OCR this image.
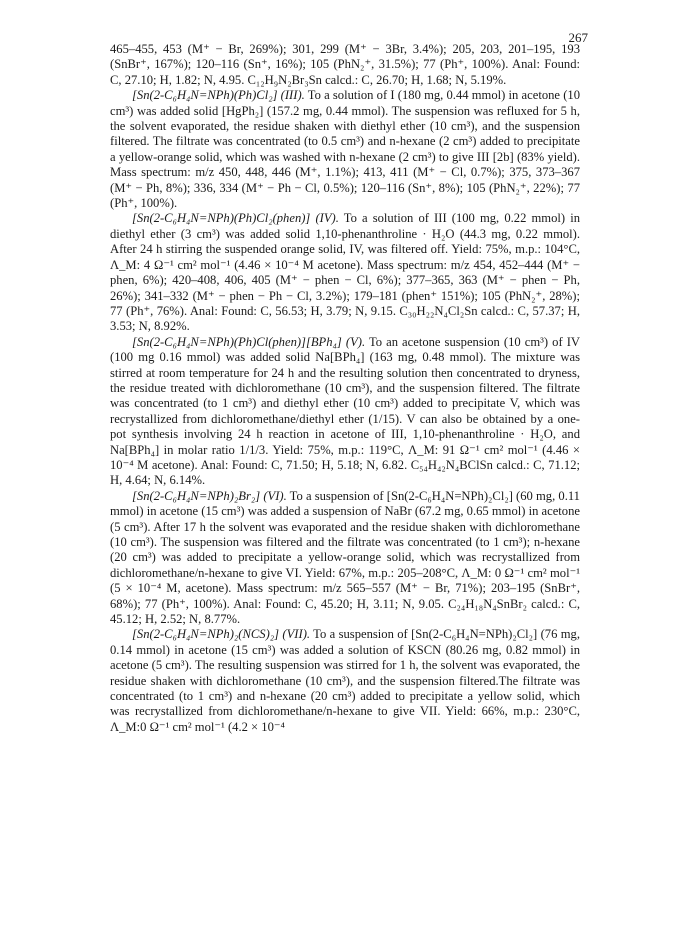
267

465–455, 453 (M⁺ − Br, 269%); 301, 299 (M⁺ − 3Br, 3.4%); 205, 203, 201–195, 193 (SnBr⁺, 167%); 120–116 (Sn⁺, 16%); 105 (PhN₂⁺, 31.5%); 77 (Ph⁺, 100%). Anal: Found: C, 27.10; H, 1.82; N, 4.95. C₁₂H₉N₂Br₃Sn calcd.: C, 26.70; H, 1.68; N, 5.19%.

[Sn(2-C₆H₄N=NPh)(Ph)Cl₂] (III). To a solution of I (180 mg, 0.44 mmol) in acetone (10 cm³) was added solid [HgPh₂] (157.2 mg, 0.44 mmol). The suspension was refluxed for 5 h, the solvent evaporated, the residue shaken with diethyl ether (10 cm³), and the suspension filtered. The filtrate was concentrated (to 0.5 cm³) and n-hexane (2 cm³) added to precipitate a yellow-orange solid, which was washed with n-hexane (2 cm³) to give III [2b] (83% yield). Mass spectrum: m/z 450, 448, 446 (M⁺, 1.1%); 413, 411 (M⁺ − Cl, 0.7%); 375, 373–367 (M⁺ − Ph, 8%); 336, 334 (M⁺ − Ph − Cl, 0.5%); 120–116 (Sn⁺, 8%); 105 (PhN₂⁺, 22%); 77 (Ph⁺, 100%).

[Sn(2-C₆H₄N=NPh)(Ph)Cl₂(phen)] (IV). To a solution of III (100 mg, 0.22 mmol) in diethyl ether (3 cm³) was added solid 1,10-phenanthroline · H₂O (44.3 mg, 0.22 mmol). After 24 h stirring the suspended orange solid, IV, was filtered off. Yield: 75%, m.p.: 104°C, Λ_M: 4 Ω⁻¹ cm² mol⁻¹ (4.46 × 10⁻⁴ M acetone). Mass spectrum: m/z 454, 452–444 (M⁺ − phen, 6%); 420–408, 406, 405 (M⁺ − phen − Cl, 6%); 377–365, 363 (M⁺ − phen − Ph, 26%); 341–332 (M⁺ − phen − Ph − Cl, 3.2%); 179–181 (phen⁺ 151%); 105 (PhN₂⁺, 28%); 77 (Ph⁺, 76%). Anal: Found: C, 56.53; H, 3.79; N, 9.15. C₃₀H₂₂N₄Cl₂Sn calcd.: C, 57.37; H, 3.53; N, 8.92%.

[Sn(2-C₆H₄N=NPh)(Ph)Cl(phen)][BPh₄] (V). To an acetone suspension (10 cm³) of IV (100 mg 0.16 mmol) was added solid Na[BPh₄] (163 mg, 0.48 mmol). The mixture was stirred at room temperature for 24 h and the resulting solution then concentrated to dryness, the residue treated with dichloromethane (10 cm³), and the suspension filtered. The filtrate was concentrated (to 1 cm³) and diethyl ether (10 cm³) added to precipitate V, which was recrystallized from dichloromethane/diethyl ether (1/15). V can also be obtained by a one-pot synthesis involving 24 h reaction in acetone of III, 1,10-phenanthroline · H₂O, and Na[BPh₄] in molar ratio 1/1/3. Yield: 75%, m.p.: 119°C, Λ_M: 91 Ω⁻¹ cm² mol⁻¹ (4.46 × 10⁻⁴ M acetone). Anal: Found: C, 71.50; H, 5.18; N, 6.82. C₅₄H₄₂N₄BClSn calcd.: C, 71.12; H, 4.64; N, 6.14%.

[Sn(2-C₆H₄N=NPh)₂Br₂] (VI). To a suspension of [Sn(2-C₆H₄N=NPh)₂Cl₂] (60 mg, 0.11 mmol) in acetone (15 cm³) was added a suspension of NaBr (67.2 mg, 0.65 mmol) in acetone (5 cm³). After 17 h the solvent was evaporated and the residue shaken with dichloromethane (10 cm³). The suspension was filtered and the filtrate was concentrated (to 1 cm³); n-hexane (20 cm³) was added to precipitate a yellow-orange solid, which was recrystallized from dichloromethane/n-hexane to give VI. Yield: 67%, m.p.: 205–208°C, Λ_M: 0 Ω⁻¹ cm² mol⁻¹ (5 × 10⁻⁴ M, acetone). Mass spectrum: m/z 565–557 (M⁺ − Br, 71%); 203–195 (SnBr⁺, 68%); 77 (Ph⁺, 100%). Anal: Found: C, 45.20; H, 3.11; N, 9.05. C₂₄H₁₈N₄SnBr₂ calcd.: C, 45.12; H, 2.52; N, 8.77%.

[Sn(2-C₆H₄N=NPh)₂(NCS)₂] (VII). To a suspension of [Sn(2-C₆H₄N=NPh)₂Cl₂] (76 mg, 0.14 mmol) in acetone (15 cm³) was added a solution of KSCN (80.26 mg, 0.82 mmol) in acetone (5 cm³). The resulting suspension was stirred for 1 h, the solvent was evaporated, the residue shaken with dichloromethane (10 cm³), and the suspension filtered.The filtrate was concentrated (to 1 cm³) and n-hexane (20 cm³) added to precipitate a yellow solid, which was recrystallized from dichloromethane/n-hexane to give VII. Yield: 66%, m.p.: 230°C, Λ_M:0 Ω⁻¹ cm² mol⁻¹ (4.2 × 10⁻⁴
